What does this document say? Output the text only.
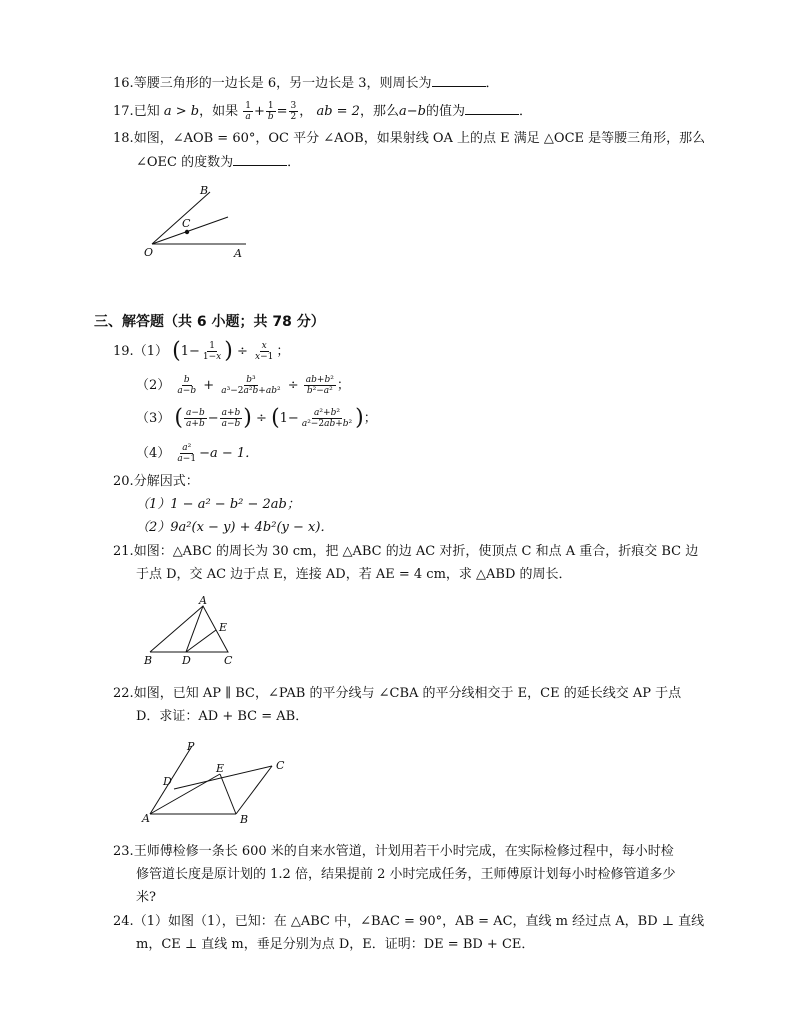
16.等腰三角形的一边长是 6，另一边长是 3，则周长为	．
17.已知 a > b，如果 $\frac{1}{a} + \frac{1}{b} = \frac{3}{2}$ ， ab = 2，那么a−b的值为	．
18.如图，∠AOB = 60°，OC 平分 ∠AOB，如果射线 OA 上的点 E 满足 △OCE 是等腰三角形，那么
∠OEC 的度数为	．
B
C
O	A
三、解答题（共 6 小题；共 78 分）
19.（1） ($1- \frac{1}{1-x}$ ) ÷ $\frac{x}{x-1}$ ；
$(2) \frac{b}{a-b} + \frac{\text{b³}}{\text{a³−2a²b+ab²}} \div \frac{\text{ab+b²}}{\text{b²−a²}}$ ；
（3） ( $\frac{a-b}{a+b} - \frac{a+b}{a-b}$ ) ÷ ($1- \frac{\text{a²+b²}}{\text{a²−2ab+b²}}$ )；
$(4) \frac{\text{a²}}{a-1} -a - 1$．
20.分解因式：
（1）1 − a² − b² − 2ab；
（2）9a²(x − y) + 4b²(y − x)．
21.如图：△ABC 的周长为 30 cm，把 △ABC 的边 AC 对折，使顶点 C 和点 A 重合，折痕交 BC 边
于点 D，交 AC 边于点 E，连接 AD，若 AE = 4 cm，求 △ABD 的周长．
A
E
B	D	C
22.如图，已知 AP ∥ BC，∠PAB 的平分线与 ∠CBA 的平分线相交于 E，CE 的延长线交 AP 于点
D．求证：AD + BC = AB．
P
D
E	C
A	B
23.王师傅检修一条长 600 米的自来水管道，计划用若干小时完成，在实际检修过程中，每小时检
修管道长度是原计划的 1.2 倍，结果提前 2 小时完成任务，王师傅原计划每小时检修管道多少
米?
24.（1）如图（1），已知：在 △ABC 中，∠BAC = 90°，AB = AC，直线 m 经过点 A，BD ⊥ 直线
m，CE ⊥ 直线 m，垂足分别为点 D，E．证明：DE = BD + CE．
